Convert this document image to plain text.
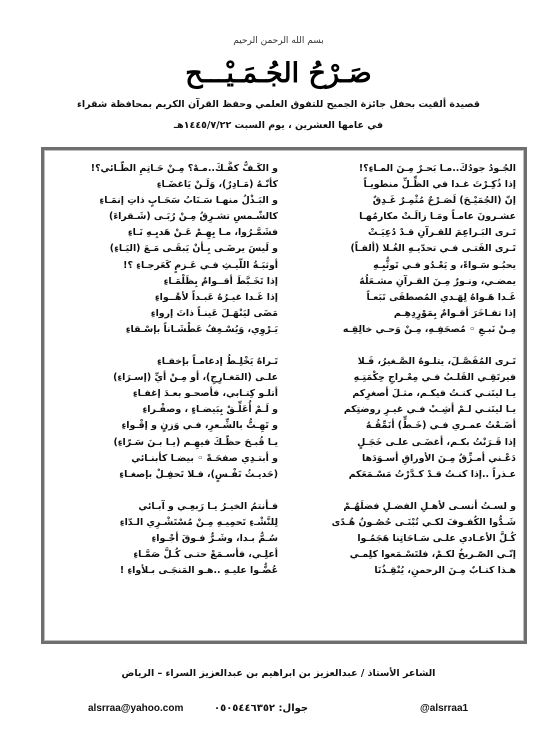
بسم الله الرحمن الرحيم
صَـرْحُ الجُـمَـيْـــح
قصيدة ألقيت بحفل جائزة الجميح للتفوق العلمي وحفظ القرآن الكريم بمحافظة شقراء
في عامها العشرين ، يوم السبت ١٤٤٥/٧/٢٢هـ
الجُـودُ جودُكَ..مـا بَحـرٌ مِـنَ المـاءِ؟!
إذا ذُكِـرْتَ غـدا في الظِّـلِّ منطويـاً
إنّ (الجُمَيْـحَ) لَصَـرْحٌ مُثْمِـرٌ غَـدِقٌ
عشـرونَ عامـاً ومَـا زالَـتْ مكارمُهـا
تَـرى البَـراعِمَ للقـرآنِ قـدْ دُعِيَـتْ
تَـرى الفَتـى فـي تحدّيـهِ الغُـلا (ألفـاً)
يحبُـو سَـواءً، و يَعْـدُو فـي تَوثُّبِـهِ
يمضـي، ونـورٌ مِـنَ القـرآنِ مشـعَلُهُ
غَـدا هَـواهُ لِهَـدي المُصطفَى تَبَعـاً
إذا تفـاخَرَ أقـوامٌ بِمَوْرِدِهِـم
مِـنْ نَبـعِ ◦ مُصحَفِـهِ، مِـنْ وَحـي خالِقِـه
تَـرى المُفَصَّـلَ، يتلـوهُ الصَّـغيرُ، فَـلا
فيرتَقِـي القَلـبُ فـي مِعْـراجِ حِكْمَتِـهِ
يـا ليتَنـي كنـتُ فيكـم، مثـلَ أصغرِكم
يـا ليتَنـي لـمْ أشِـبْ فـي غيـرِ روضتِكم
أضَـعْتُ عمـري فـي (خَـطٍّ) أنَمِّقُـهُ
إذا قَـرَنْتُ بكـم، أغضَـى علـى خَجَـلٍ
دَعْـني أمـزِّقُ مِـنَ الأوراقِ أسـوَدَها
عـذراً ..إذا كنـتُ قـدْ كـدَّرْتُ مَسْـمَعَكم
و لسـتُ أنسـى لأهـلِ الفضـلِ فضلَهُـمْ
شَـدُّوا الكُفـوفَ لكـي تُبْنَـى حُصُـونُ هُـدًى
كُـلَّ الأعـادي علـى سَـاحَاتِنا هَجَمُـوا
إنّـي الصّـريخُ لكـمْ، فلتَسْـمَعوا كلِمـي
هـذا كتـابٌ مِـنَ الرحمنِ، يُنْقِـذُنَا
و الكَـفُّ كفُّـكَ..مـهْ؟ مِـنْ حَـاتِمِ الطّـائي؟!
كأنّـهُ (مَـادِرٌ)، وَلَـنْ يَاغضَـاءِ
و البَـذْلُ منهـا سَـنَابُ سَحَـابٍ ذاتِ إنمَـاءِ
كالشّـمسِ تشـرِقُ مِـنْ رُبَـى (شَـقراءَ)
فشَمَّـرُوا، مـا بِهِـمْ عَـنْ هَديِـهِ نَـاءِ
و لَيسَ يرضَـى بِـأنْ يَبقَـى مَـعَ (اليَـاءِ)
أوثبَـةُ اللّيـثِ فـي عَـزمٍ كَعَرجـاءِ ؟!
إذا تَخَـبَّطَ أقــوامٌ بِظَلْمَـاءِ
إذا غَـدا غيـرُهُ عَبـداً لأهْــواءِ
مَضَى ليَنْهَـلَ عَينـاً ذاتَ إرواءِ
يَـرْوِي، وَيُسْـعِفُ عَطْشَـاناً بإسْـقاءِ
تَـراهُ يَخْلِـطُ إدغامـاً بإخفـاءِ
علـى (المَغـارِجِ)، أو مِـنْ أيِّ (إسـرَاءِ)
أتلـو كِتـابي، فأصحـو بعـدَ إغفـاءِ
و لَـمْ أُعَلِّـقْ بِبَيضـاءٍ ، وصفْـراءِ
و تَهِـتُّ بالشِّـعرِ، فـي وَزنٍ و إقْـواءِ
يـا قُبـحَ حظّـكَ فيهِـم (يـا بـنَ سَـرّاءِ)
و أبتـدِي صفحَـةً ◦ بيضـا كأبنـائي
(حَديـثُ نَفْـسٍ)، فـلا تَحفِـلْ بإصغـاءِ
فـأنتمُ الخيـرُ يـا رَبعِـي و آبـائي
لِلنَّشْـءِ تَحمِيـهِ مِـنْ مُسْتَشْـرِي الـدّاءِ
سُـمٌّ بـدا، وشَـرٌّ فـوقَ أجْـواءِ
أعلِـي، فأسـمَعْ حتـى كُـلَّ صَمَّـاءِ
عُضُّـوا عليـهِ ..هـو المَنجَـى بـلأواءِ !
الشاعر الأستاذ / عبدالعزيز بن ابراهيم بن عبدالعزيز السراء – الرياض
alsrraa@yahoo.com	جوال: ٠٥٠٥٤٤٦٣٥٢	@alsrraa1
